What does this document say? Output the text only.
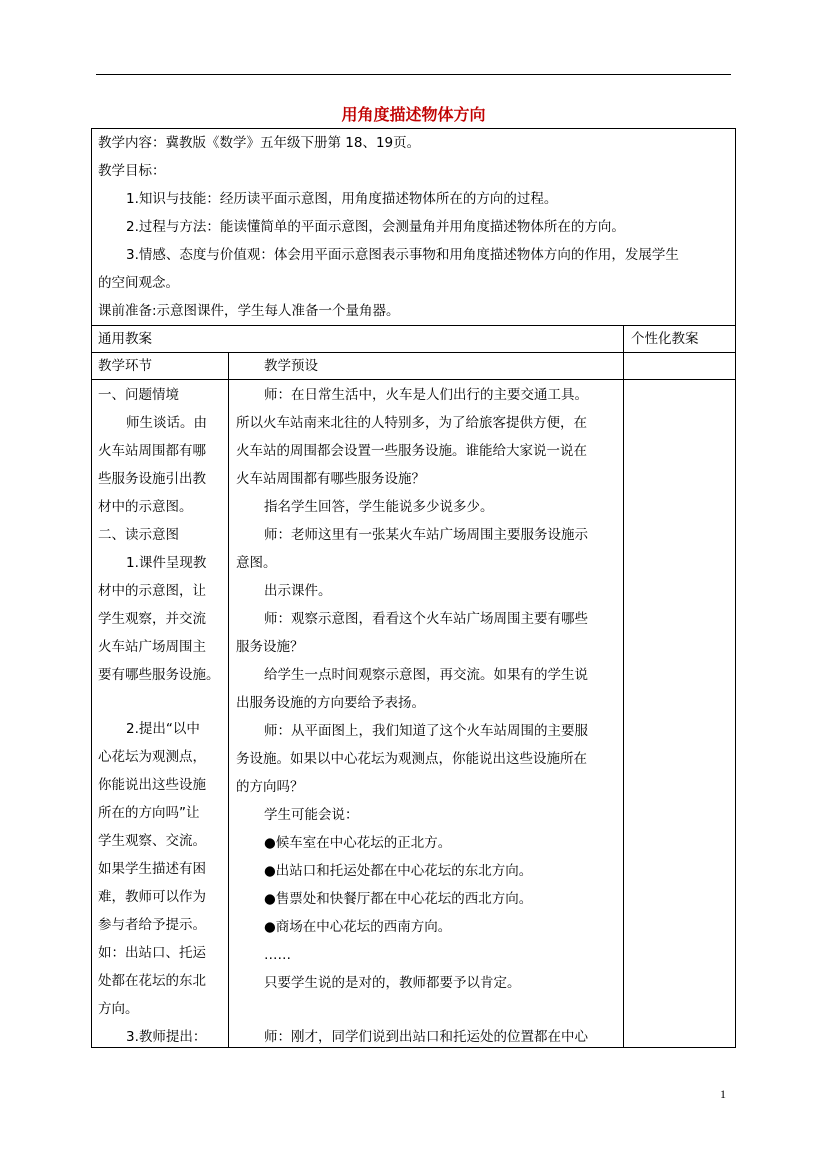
用角度描述物体方向
教学内容：冀教版《数学》五年级下册第 18、19页。
教学目标：
1.知识与技能：经历读平面示意图，用角度描述物体所在的方向的过程。
2.过程与方法：能读懂简单的平面示意图，会测量角并用角度描述物体所在的方向。
3.情感、态度与价值观：体会用平面示意图表示事物和用角度描述物体方向的作用，发展学生
的空间观念。
课前准备:示意图课件，学生每人准备一个量角器。
通用教案	个性化教案
教学环节	教学预设
一、问题情境
师生谈话。由
火车站周围都有哪
些服务设施引出教
材中的示意图。
二、读示意图
1.课件呈现教
材中的示意图，让
学生观察，并交流
火车站广场周围主
要有哪些服务设施。
2.提出“以中
心花坛为观测点，
你能说出这些设施
所在的方向吗”让
学生观察、交流。
如果学生描述有困
难，教师可以作为
参与者给予提示。
如：出站口、托运
处都在花坛的东北
方向。
3.教师提出：
师：在日常生活中，火车是人们出行的主要交通工具。
所以火车站南来北往的人特别多，为了给旅客提供方便，在
火车站的周围都会设置一些服务设施。谁能给大家说一说在
火车站周围都有哪些服务设施？
指名学生回答，学生能说多少说多少。
师：老师这里有一张某火车站广场周围主要服务设施示
意图。
出示课件。
师：观察示意图，看看这个火车站广场周围主要有哪些
服务设施？
给学生一点时间观察示意图，再交流。如果有的学生说
出服务设施的方向要给予表扬。
师：从平面图上，我们知道了这个火车站周围的主要服
务设施。如果以中心花坛为观测点，你能说出这些设施所在
的方向吗？
学生可能会说：
●候车室在中心花坛的正北方。
●出站口和托运处都在中心花坛的东北方向。
●售票处和快餐厅都在中心花坛的西北方向。
●商场在中心花坛的西南方向。
……
只要学生说的是对的，教师都要予以肯定。
师：刚才，同学们说到出站口和托运处的位置都在中心
1
